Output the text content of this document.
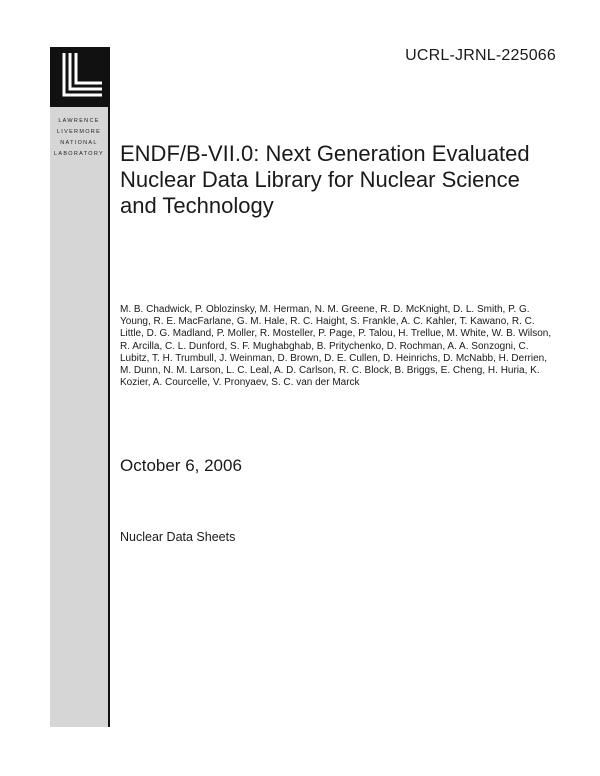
LAWRENCE
LIVERMORE
NATIONAL
LABORATORY
UCRL-JRNL-225066
ENDF/B-VII.0: Next Generation Evaluated Nuclear Data Library for Nuclear Science and Technology

M. B. Chadwick, P. Oblozinsky, M. Herman, N. M. Greene, R. D. McKnight, D. L. Smith, P. G. Young, R. E. MacFarlane, G. M. Hale, R. C. Haight, S. Frankle, A. C. Kahler, T. Kawano, R. C. Little, D. G. Madland, P. Moller, R. Mosteller, P. Page, P. Talou, H. Trellue, M. White, W. B. Wilson, R. Arcilla, C. L. Dunford, S. F. Mughabghab, B. Pritychenko, D. Rochman, A. A. Sonzogni, C. Lubitz, T. H. Trumbull, J. Weinman, D. Brown, D. E. Cullen, D. Heinrichs, D. McNabb, H. Derrien, M. Dunn, N. M. Larson, L. C. Leal, A. D. Carlson, R. C. Block, B. Briggs, E. Cheng, H. Huria, K. Kozier, A. Courcelle, V. Pronyaev, S. C. van der Marck

October 6, 2006
Nuclear Data Sheets
